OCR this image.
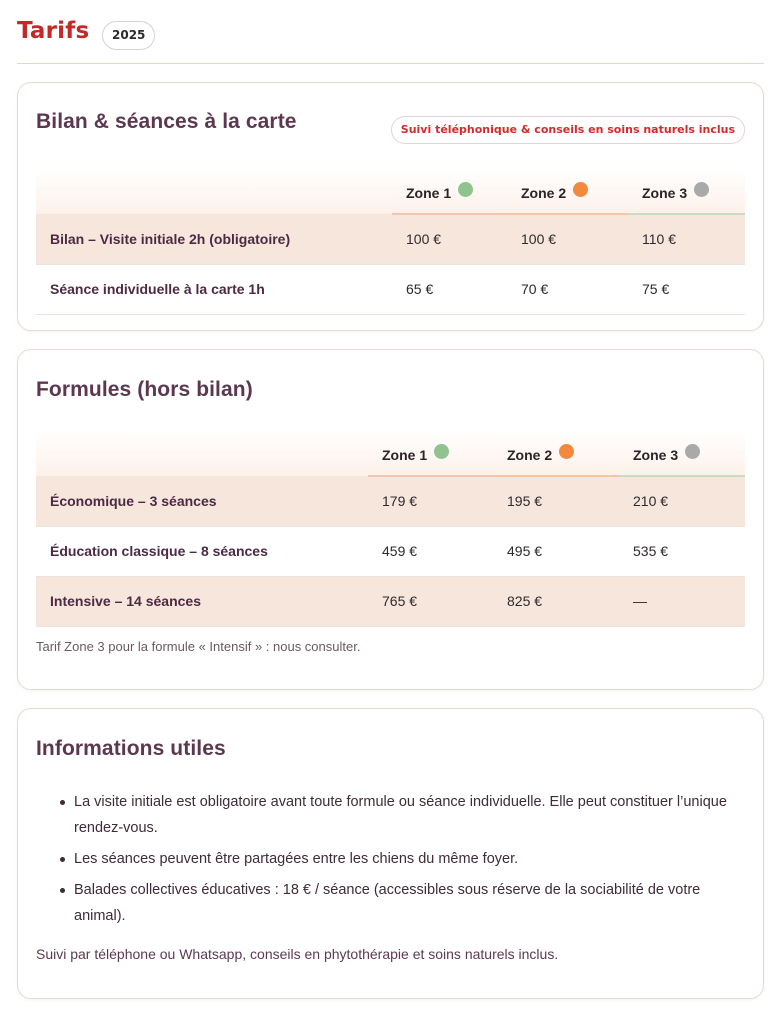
Tarifs	2025
Bilan & séances à la carte	Suivi téléphonique & conseils en soins naturels inclus
	Zone 1	Zone 2	Zone 3
Bilan – Visite initiale 2h (obligatoire)	100 €	100 €	110 €
Séance individuelle à la carte 1h	65 €	70 €	75 €
Formules (hors bilan)
	Zone 1	Zone 2	Zone 3
Économique – 3 séances	179 €	195 €	210 €
Éducation classique – 8 séances	459 €	495 €	535 €
Intensive – 14 séances	765 €	825 €	—

Tarif Zone 3 pour la formule « Intensif » : nous consulter.

Informations utiles
La visite initiale est obligatoire avant toute formule ou séance individuelle. Elle peut constituer l’unique rendez-vous.
Les séances peuvent être partagées entre les chiens du même foyer.
Balades collectives éducatives : 18 € / séance (accessibles sous réserve de la sociabilité de votre animal).

Suivi par téléphone ou Whatsapp, conseils en phytothérapie et soins naturels inclus.
